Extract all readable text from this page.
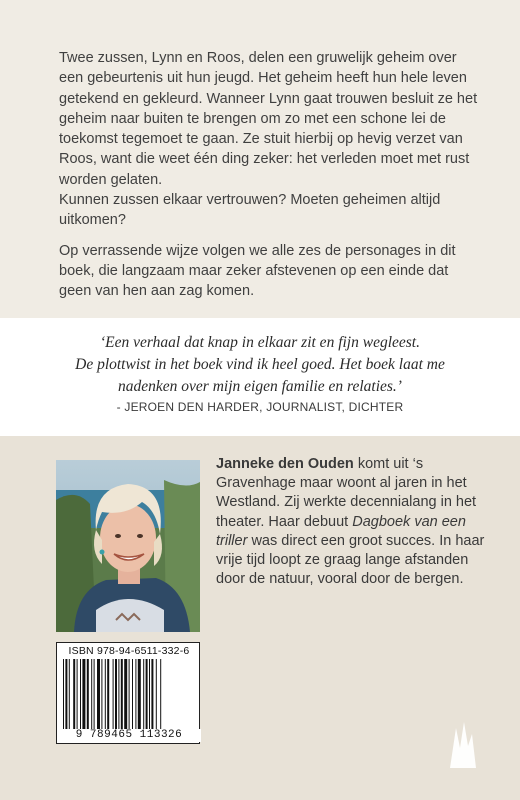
Twee zussen, Lynn en Roos, delen een gruwelijk geheim over een gebeurtenis uit hun jeugd. Het geheim heeft hun hele leven getekend en gekleurd. Wanneer Lynn gaat trouwen besluit ze het geheim naar buiten te brengen om zo met een schone lei de toekomst tegemoet te gaan. Ze stuit hierbij op hevig verzet van Roos, want die weet één ding zeker: het verleden moet met rust worden gelaten.
Kunnen zussen elkaar vertrouwen? Moeten geheimen altijd uitkomen?

Op verrassende wijze volgen we alle zes de personages in dit boek, die langzaam maar zeker afstevenen op een einde dat geen van hen aan zag komen.

‘Een verhaal dat knap in elkaar zit en fijn wegleest.
De plottwist in het boek vind ik heel goed. Het boek laat me
nadenken over mijn eigen familie en relaties.’
- JEROEN DEN HARDER, JOURNALIST, DICHTER
Janneke den Ouden komt uit ‘s Gravenhage maar woont al jaren in het Westland. Zij werkte decennialang in het theater. Haar debuut Dagboek van een triller was direct een groot succes. In haar vrije tijd loopt ze graag lange afstanden door de natuur, vooral door de bergen.
ISBN 978-94-6511-332-6
9 789465 113326
